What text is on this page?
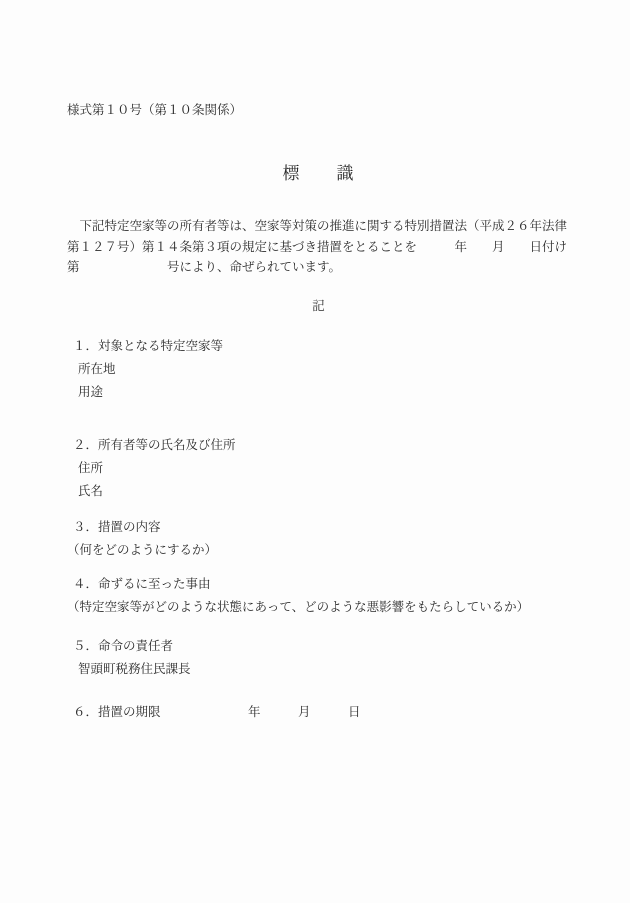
様式第１０号（第１０条関係）
標　　識
　下記特定空家等の所有者等は、空家等対策の推進に関する特別措置法（平成２６年法律
第１２７号）第１４条第３項の規定に基づき措置をとることを　　　年　　月　　日付け
第　　　　　　　号により、命ぜられています。
記
１．対象となる特定空家等
所在地
用途
２．所有者等の氏名及び住所
住所
氏名
３．措置の内容
（何をどのようにするか）
４．命ずるに至った事由
（特定空家等がどのような状態にあって、どのような悪影響をもたらしているか）
５．命令の責任者
智頭町税務住民課長
６．措置の期限　　　　　　　年　　　月　　　日
